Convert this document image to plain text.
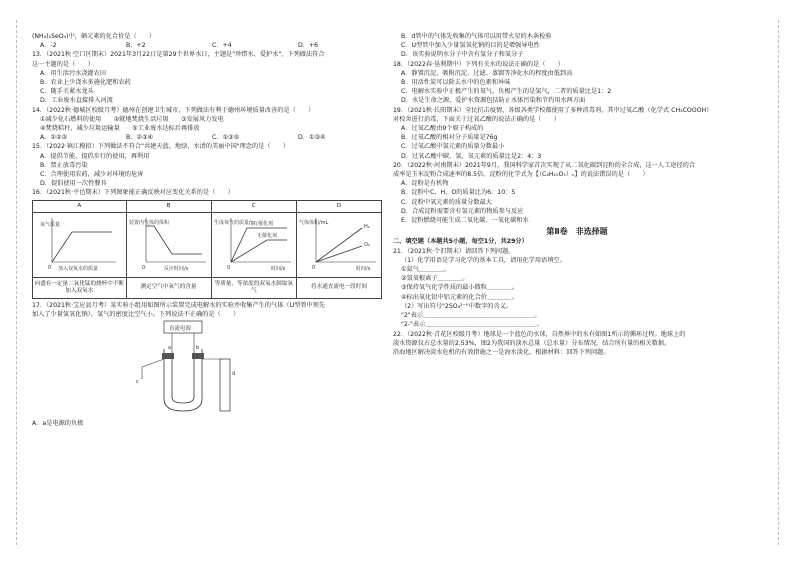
(NH₄)₂SeO₄)中，硒元素的化合价是（　　）

A．-2	B．+2	C．+4	D．+6

13．（2021秋·空口区期末）2021年3月22日是第29个世界水日，主题是"珍惜水、爱护水"。下列做法符合

这一主题的是（　　）

A．用生活污水浇灌农田

B．农业上少浇水多施化肥和农药

C．随手关紧水龙头

D．工业废水直接排入河流

14．（2022秋·德城区校级月考）德州在创建卫生城市，下列做法有利于德州环境质量改善的是（　　）

①减少化石燃料的使用　　②就地焚烧生活垃圾　　③发展风力发电

④焚烧秸秆，减少垃圾运输量　　⑤工业废水达标后再排放

A．①②③	B．②③④	C．①③⑤	D．①③④

15．（2022·镇江模拟）下列做法不符合"共建天蓝、地绿、水清的美丽中国"理念的是（　　）

A．提倡节能、提倡步行的使用，再利用

B．禁止放毒污染

C．合理使用农药，减少对环境的危害

D．提倡使用一次性餐具

16．（2021秋·平邑期末）下列图象能正确反映对应变化关系的是（　　）

A	B	C	D

氧气质量
0 加入双氧水的质量	装置内气体的体积
0 反应时间/s	生成氧气的质量/g 有催化剂
无催化剂
0 时间/s	气体体积/mL
H₂
O₂
0 时间/s

向盛有一定量二氧化锰的烧杯中不断加入双氧水	测定空气中氧气的含量	等质量、等浓度的双氧水制取氧气	将水通直流电一段时间

17．（2021秋·宝应县月考）某实验小组用如图所示装置完成电解水的实验并收集产生的气体（U型管中预先

加入了少量氢氧化钠）。氢气的密度比空气小。下列说法不正确的是（　　）

直流电源
a	b
c
d

A．a是电源的负极

B．d管中的气体先收集的气体可以用带火星的木条检验

C．U型管中加入少量氢氧化钠的目的是增强导电性

D．该实验说明水分子中含有氢分子和氧分子

18．（2022春·垦利期中）下列有关水的说法正确的是（　　）

A．静置沉淀、吸附沉淀、过滤、蒸馏等净化水的程度由低到高

B．用活性炭可以除去水中的色素和异味

C．电解水实验中正极产生的氧气，负极产生的是氢气，二者的质量比是1：2

D．水是生命之源，爱护水资源包括防止水体污染和节约用水两方面

19．（2021秋·长阳期末）全民抗击疫情，各级各类学校都使用了多种消毒剂，其中过氧乙酸（化学式 CH₃COOOH）

对校舍进行消毒，下面关于过氧乙酸的说法正确的是（　　）

A．过氧乙酸由9个原子构成的

B．过氧乙酸的相对分子质量是76g

C．过氧乙酸中氢元素的质量分数最小

D．过氧乙酸中碳、氢、氧元素的质量比是2：4：3

20．（2022秋·河南期末）2021年9月，我国科学家首次实现了从二氧化碳到淀粉的全合成，这一人工途径的合

成率是玉米淀粉合成速率的8.5倍。淀粉的化学式为【（C₆H₁₀O₅）ₙ】的说法错误的是（　　）

A．淀粉是有机物

B．淀粉中C、H、O的质量比为6：10：5

C．淀粉中氧元素的质量分数最大

D．合成淀粉需要含有氢元素的物质参与反应

E．淀粉燃烧可能生成二氧化碳、一氧化碳和水

第Ⅱ卷　非选择题

二、填空题（本题共5小题，每空1分，共29分）

21．（2021秋·个旧期末）请回答下列问题。

（1）化学用语是学习化学的基本工具，请用化学用语填空。

①氦气＿＿＿＿。

②氢氧根离子＿＿＿＿。

③保持氧气化学性质的最小微粒＿＿＿＿。

④标出氧化铝中铝元素的化合价＿＿＿＿。

（2）写出符号"2SO₄²⁻"中数字的含义。

"2"表示＿＿＿＿＿＿＿＿＿＿＿＿＿＿＿＿＿＿。

"2-"表示＿＿＿＿＿＿＿＿＿＿＿＿＿＿＿＿＿＿。

22．（2022秋·青花区校级月考）地球是一个蓝色的水球，自然界中的水有如图1所示的循环过程。地球上的

淡水资源仅占总水量的2.53%，图2为我国的淡水总量（总水量）分布情况，结合所有量的相关数据。

沿海地区解决淡水危机的有效措施之一是海水淡化。根据材料：回答下列问题。
